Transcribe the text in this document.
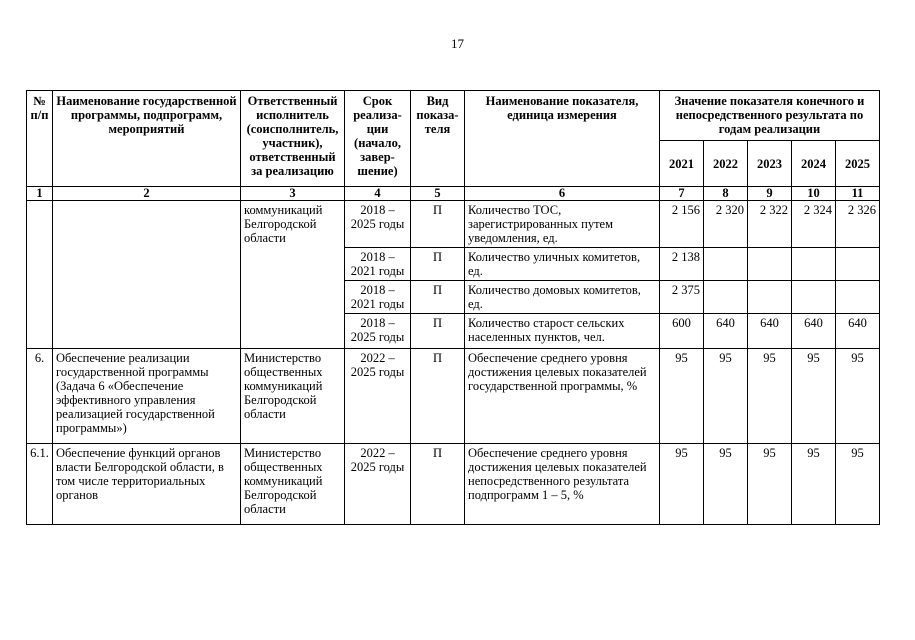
17
№ п/п	Наименование государственной программы, подпрограмм, мероприятий	Ответственный исполнитель (соисполнитель, участник), ответственный за реализацию	Срок реализа-ции (начало, завер-шение)	Вид показа-теля	Наименование показателя, единица измерения	Значение показателя конечного и непосредственного результата по годам реализации				
						2021	2022	2023	2024	2025
1	2	3	4	5	6	7	8	9	10	11
		коммуникаций Белгородской области	2018 – 2025 годы	П	Количество ТОС, зарегистрированных путем уведомления, ед.	2 156	2 320	2 322	2 324	2 326
			2018 – 2021 годы	П	Количество уличных комитетов, ед.	2 138				
			2018 – 2021 годы	П	Количество домовых комитетов, ед.	2 375				
			2018 – 2025 годы	П	Количество старост сельских населенных пунктов, чел.	600	640	640	640	640
6.	Обеспечение реализации государственной программы (Задача 6 «Обеспечение эффективного управления реализацией государственной программы»)	Министерство общественных коммуникаций Белгородской области	2022 – 2025 годы	П	Обеспечение среднего уровня достижения целевых показателей государственной программы, %	95	95	95	95	95
6.1.	Обеспечение функций органов власти Белгородской области, в том числе территориальных органов	Министерство общественных коммуникаций Белгородской области	2022 – 2025 годы	П	Обеспечение среднего уровня достижения целевых показателей непосредственного результата подпрограмм 1 – 5, %	95	95	95	95	95
